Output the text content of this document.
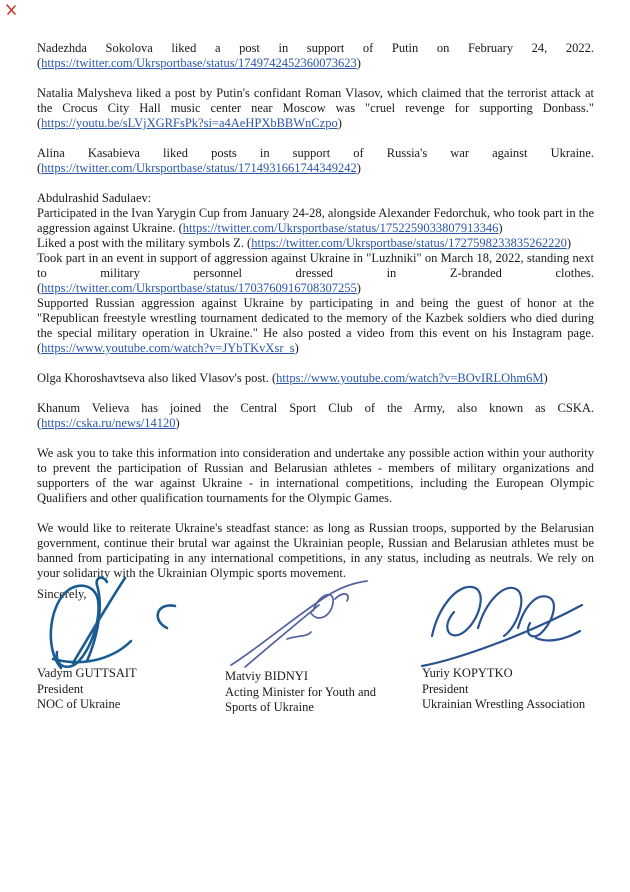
Nadezhda Sokolova liked a post in support of Putin on February 24, 2022. (https://twitter.com/Ukrsportbase/status/1749742452360073623)

Natalia Malysheva liked a post by Putin's confidant Roman Vlasov, which claimed that the terrorist attack at the Crocus City Hall music center near Moscow was "cruel revenge for supporting Donbass." (https://youtu.be/sLVjXGRFsPk?si=a4AeHPXbBBWnCzpo)

Alina Kasabieva liked posts in support of Russia's war against Ukraine. (https://twitter.com/Ukrsportbase/status/1714931661744349242)

Abdulrashid Sadulaev:

Participated in the Ivan Yarygin Cup from January 24-28, alongside Alexander Fedorchuk, who took part in the aggression against Ukraine. (https://twitter.com/Ukrsportbase/status/1752259033807913346)

Liked a post with the military symbols Z. (https://twitter.com/Ukrsportbase/status/1727598233835262220)

Took part in an event in support of aggression against Ukraine in "Luzhniki" on March 18, 2022, standing next to military personnel dressed in Z-branded clothes. (https://twitter.com/Ukrsportbase/status/1703760916708307255)

Supported Russian aggression against Ukraine by participating in and being the guest of honor at the "Republican freestyle wrestling tournament dedicated to the memory of the Kazbek soldiers who died during the special military operation in Ukraine." He also posted a video from this event on his Instagram page. (https://www.youtube.com/watch?v=JYbTKvXsr_s)

Olga Khoroshavtseva also liked Vlasov's post. (https://www.youtube.com/watch?v=BOvIRLOhm6M)

Khanum Velieva has joined the Central Sport Club of the Army, also known as CSKA. (https://cska.ru/news/14120)

We ask you to take this information into consideration and undertake any possible action within your authority to prevent the participation of Russian and Belarusian athletes - members of military organizations and supporters of the war against Ukraine - in international competitions, including the European Olympic Qualifiers and other qualification tournaments for the Olympic Games.

We would like to reiterate Ukraine's steadfast stance: as long as Russian troops, supported by the Belarusian government, continue their brutal war against the Ukrainian people, Russian and Belarusian athletes must be banned from participating in any international competitions, in any status, including as neutrals. We rely on your solidarity with the Ukrainian Olympic sports movement.

Sincerely,
Vadym GUTTSAIT
President
NOC of Ukraine
Matviy BIDNYI
Acting Minister for Youth and Sports of Ukraine
Yuriy KOPYTKO
President
Ukrainian Wrestling Association
